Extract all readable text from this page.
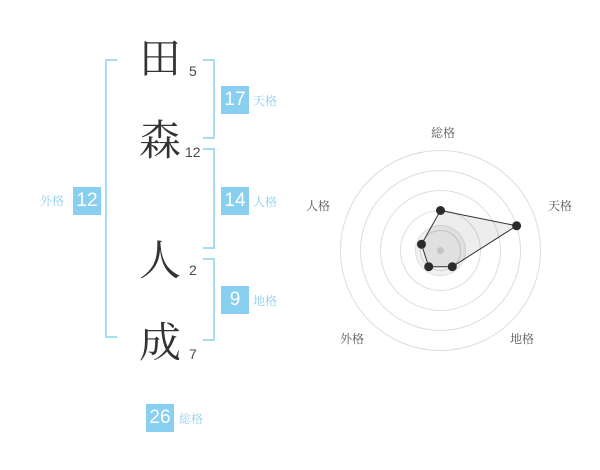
田
森
人
成
5
12
2
7
17
14
9
12
26
天格
人格
地格
外格
総格
総格
天格
地格
外格
人格
